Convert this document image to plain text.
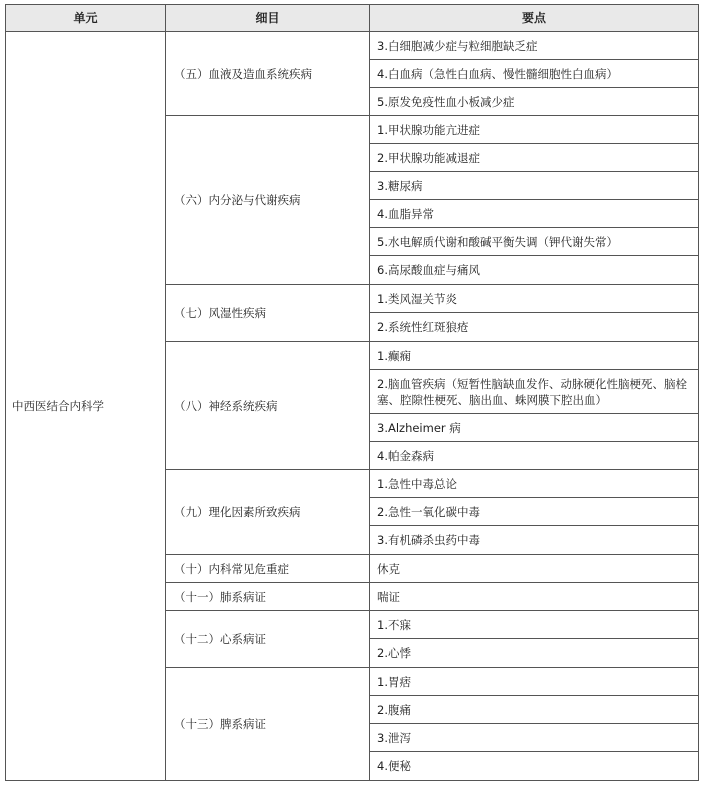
单元	细目	要点
中西医结合内科学	（五）血液及造血系统疾病	3.白细胞减少症与粒细胞缺乏症
		4.白血病（急性白血病、慢性髓细胞性白血病）
		5.原发免疫性血小板减少症
	（六）内分泌与代谢疾病	1.甲状腺功能亢进症
		2.甲状腺功能减退症
		3.糖尿病
		4.血脂异常
		5.水电解质代谢和酸碱平衡失调（钾代谢失常）
		6.高尿酸血症与痛风
	（七）风湿性疾病	1.类风湿关节炎
		2.系统性红斑狼疮
	（八）神经系统疾病	1.癫痫
		2.脑血管疾病（短暂性脑缺血发作、动脉硬化性脑梗死、脑栓塞、腔隙性梗死、脑出血、蛛网膜下腔出血）
		3.Alzheimer 病
		4.帕金森病
	（九）理化因素所致疾病	1.急性中毒总论
		2.急性一氧化碳中毒
		3.有机磷杀虫药中毒
	（十）内科常见危重症	休克
	（十一）肺系病证	喘证
	（十二）心系病证	1.不寐
		2.心悸
	（十三）脾系病证	1.胃痞
		2.腹痛
		3.泄泻
		4.便秘
